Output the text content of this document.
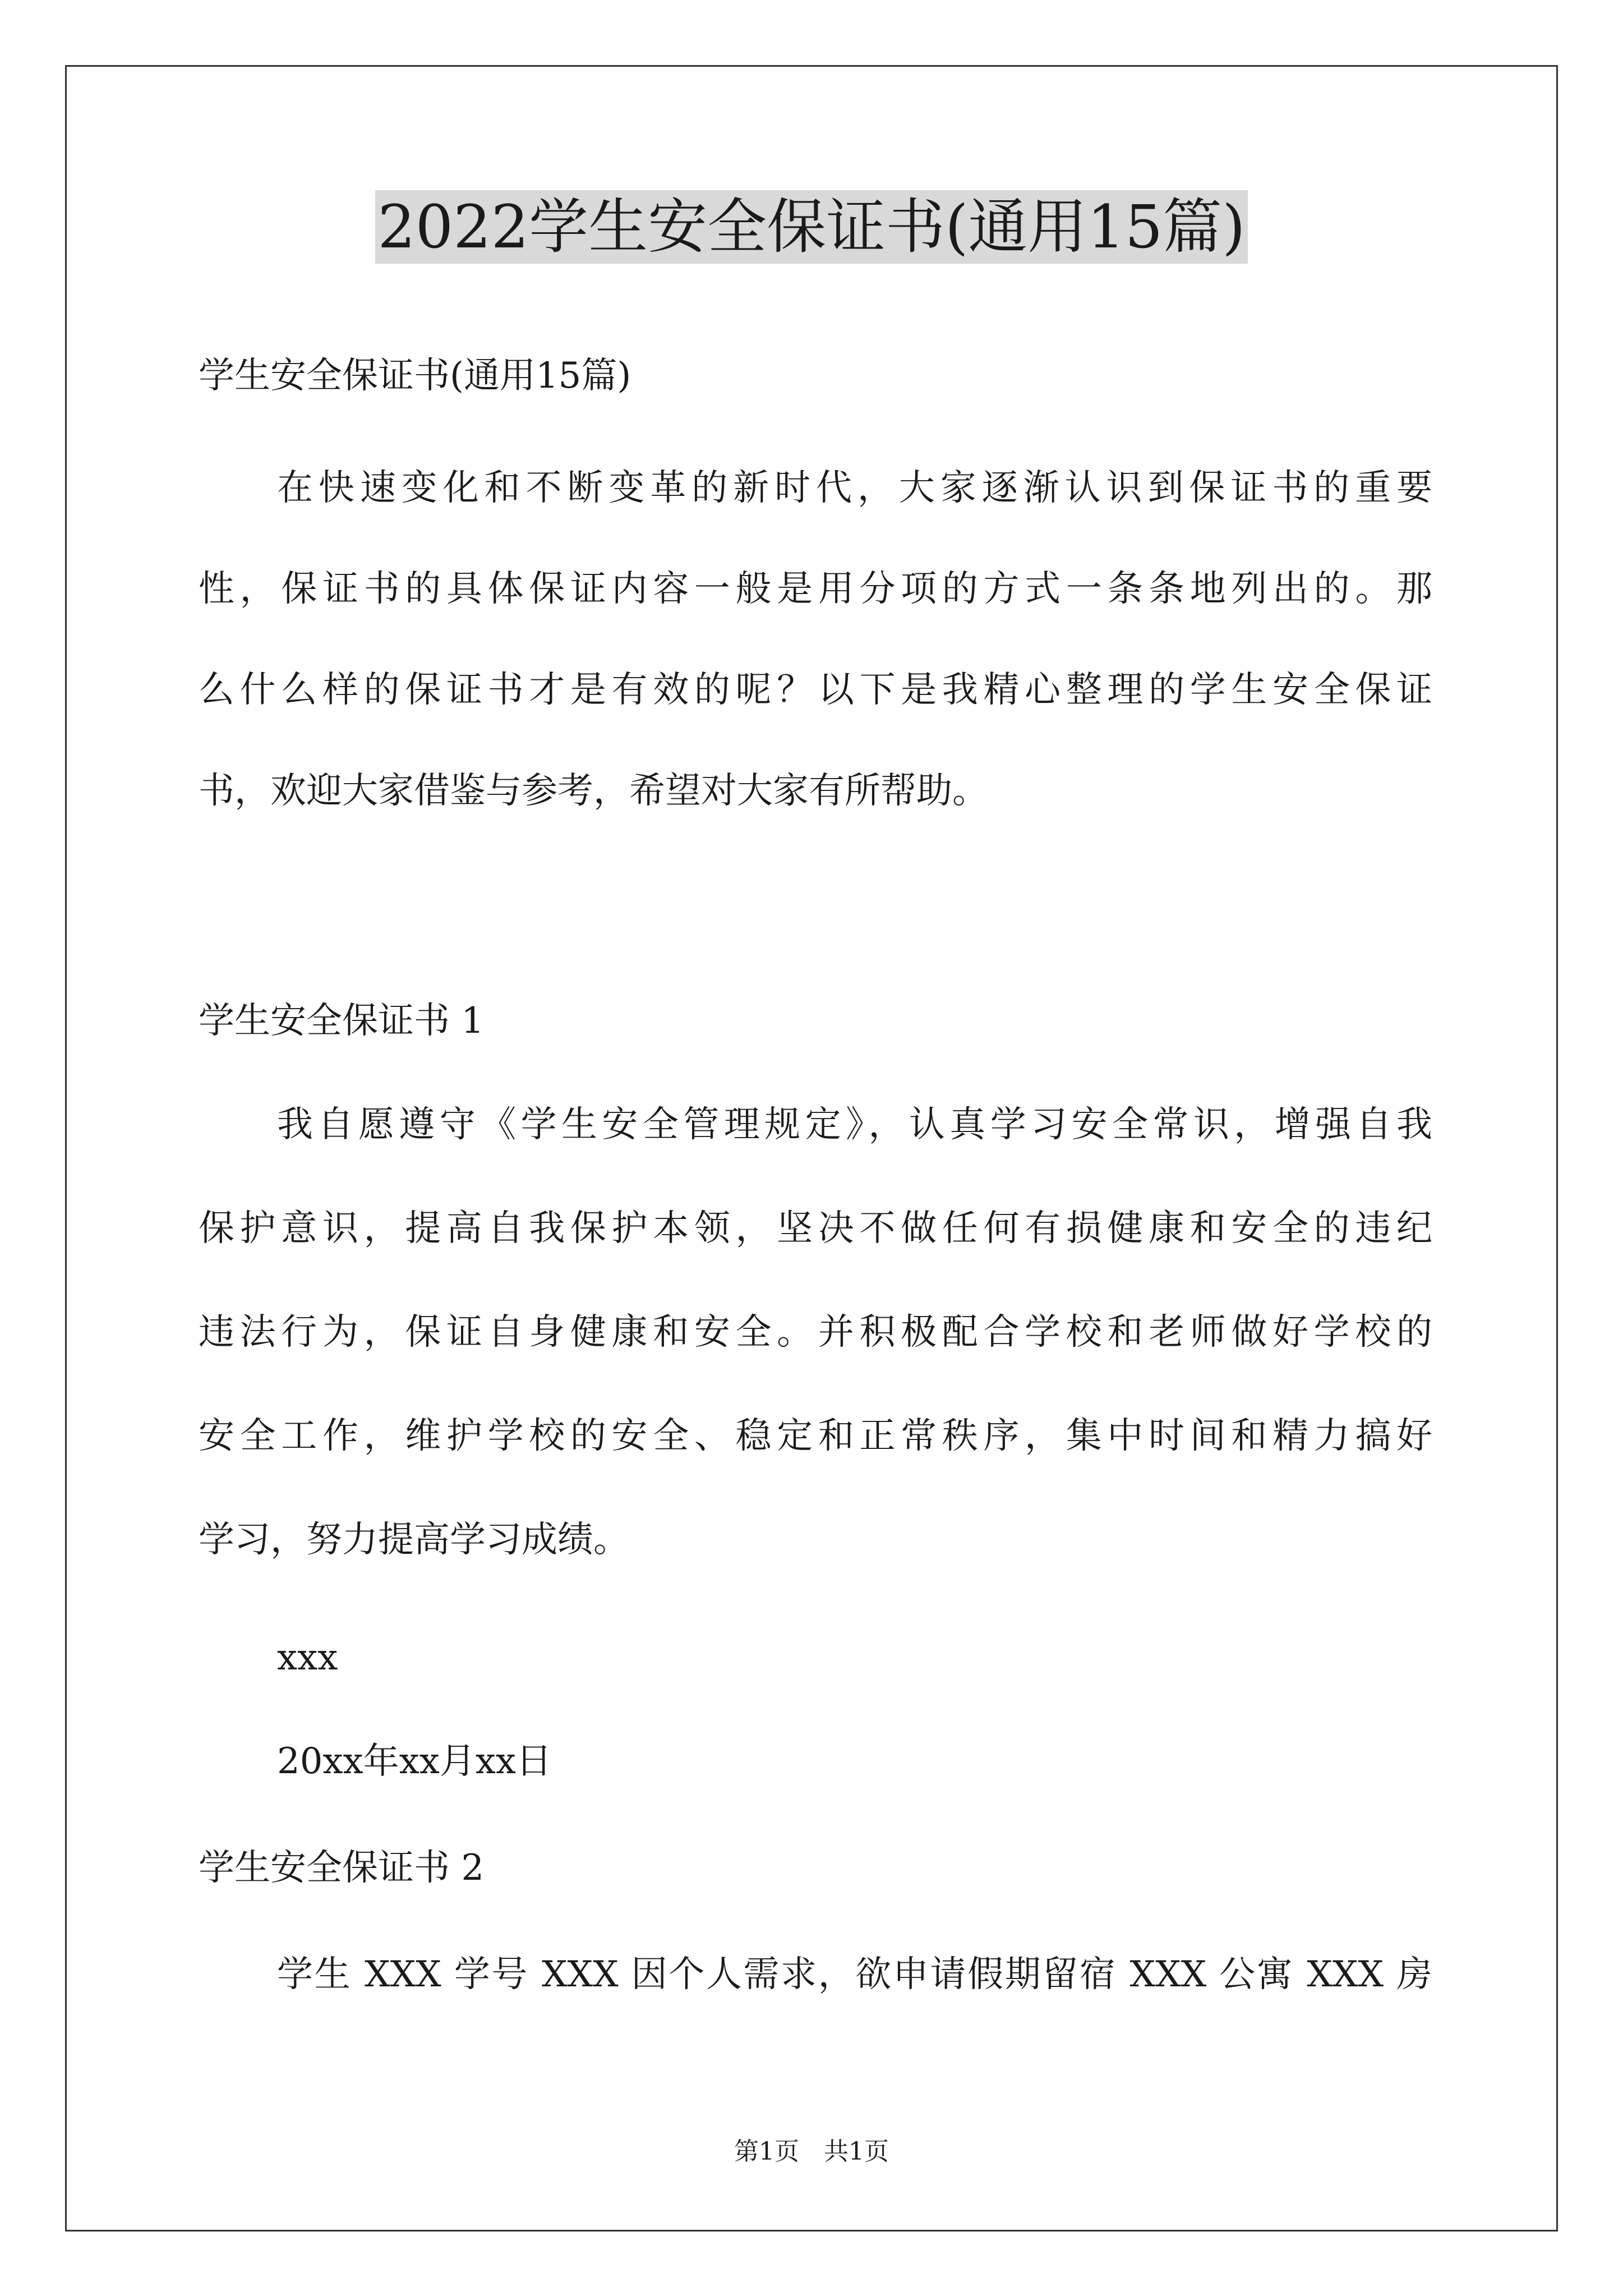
2022学生安全保证书(通用15篇)
学生安全保证书(通用15篇)
在快速变化和不断变革的新时代，大家逐渐认识到保证书的重要
性，保证书的具体保证内容一般是用分项的方式一条条地列出的。那
么什么样的保证书才是有效的呢？以下是我精心整理的学生安全保证
书，欢迎大家借鉴与参考，希望对大家有所帮助。
学生安全保证书 1
我自愿遵守《学生安全管理规定》，认真学习安全常识，增强自我
保护意识，提高自我保护本领，坚决不做任何有损健康和安全的违纪
违法行为，保证自身健康和安全。并积极配合学校和老师做好学校的
安全工作，维护学校的安全、稳定和正常秩序，集中时间和精力搞好
学习，努力提高学习成绩。
xxx
20xx年xx月xx日
学生安全保证书 2
学生 XXX 学号 XXX 因个人需求，欲申请假期留宿 XXX 公寓 XXX 房
第1页 共1页
